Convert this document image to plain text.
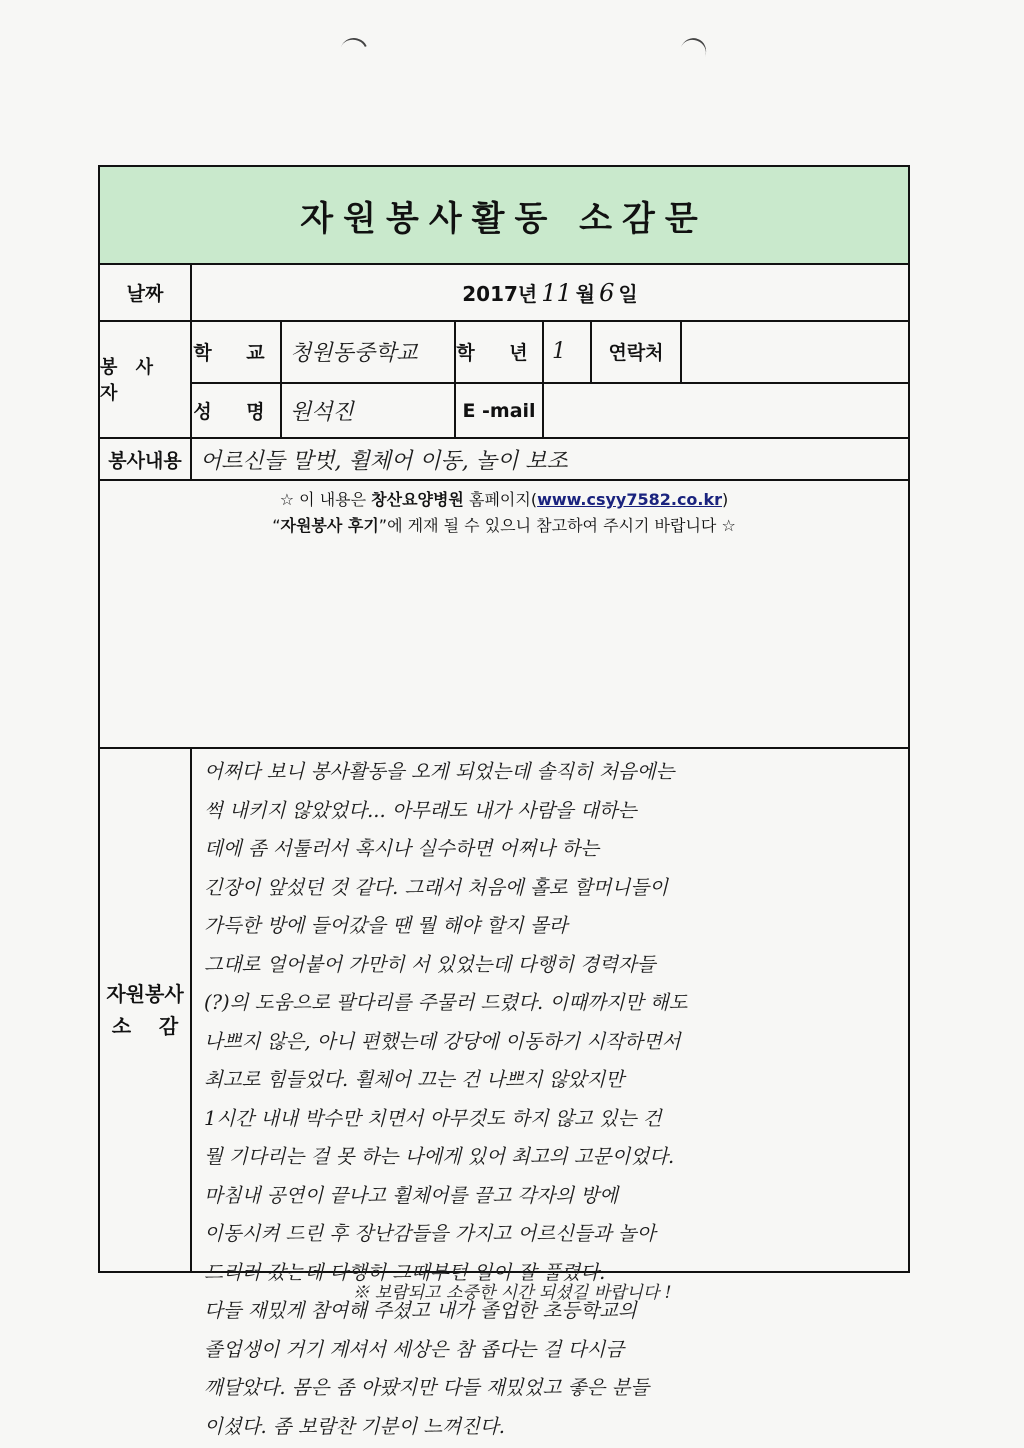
자원봉사활동 소감문
날짜	2017년 11 월 6 일
봉 사 자
학 교 청원동중학교	학 년 1	연락처
성 명 원석진	E -mail
봉사내용 어르신들 말벗, 휠체어 이동, 놀이 보조
☆ 이 내용은 창산요양병원 홈페이지(www.csyy7582.co.kr)
“자원봉사 후기”에 게재 될 수 있으니 참고하여 주시기 바랍니다 ☆
자원봉사
소    감
어쩌다 보니 봉사활동을 오게 되었는데 솔직히 처음에는
썩 내키지 않았었다... 아무래도 내가 사람을 대하는
데에 좀 서툴러서 혹시나 실수하면 어쩌나 하는
긴장이 앞섰던 것 같다. 그래서 처음에 홀로 할머니들이
가득한 방에 들어갔을 땐 뭘 해야 할지 몰라
그대로 얼어붙어 가만히 서 있었는데 다행히 경력자들
(?)의 도움으로 팔다리를 주물러 드렸다. 이때까지만 해도
나쁘지 않은, 아니 편했는데 강당에 이동하기 시작하면서
최고로 힘들었다. 휠체어 끄는 건 나쁘지 않았지만
1시간 내내 박수만 치면서 아무것도 하지 않고 있는 건
뭘 기다리는 걸 못 하는 나에게 있어 최고의 고문이었다.
마침내 공연이 끝나고 휠체어를 끌고 각자의 방에
이동시켜 드린 후 장난감들을 가지고 어르신들과 놀아
드리러 갔는데 다행히 그때부턴 일이 잘 풀렸다.
다들 재밌게 참여해 주셨고 내가 졸업한 초등학교의
졸업생이 거기 계셔서 세상은 참 좁다는 걸 다시금
깨달았다. 몸은 좀 아팠지만 다들 재밌었고 좋은 분들
이셨다. 좀 보람찬 기분이 느껴진다.
※ 보람되고 소중한 시간 되셨길 바랍니다 !
